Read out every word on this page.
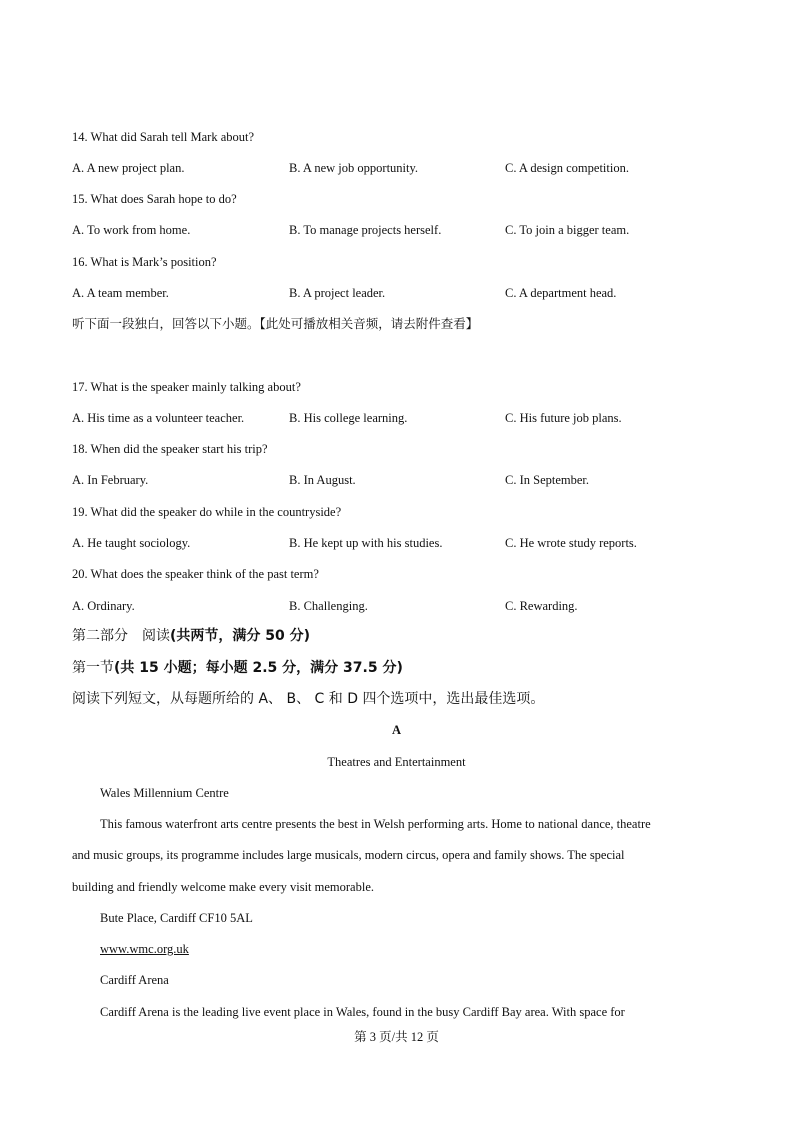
14. What did Sarah tell Mark about?
A. A new project plan.	B. A new job opportunity.	C. A design competition.
15. What does Sarah hope to do?
A. To work from home.	B. To manage projects herself.	C. To join a bigger team.
16. What is Mark’s position?
A. A team member.	B. A project leader.	C. A department head.
听下面一段独白，回答以下小题。【此处可播放相关音频，请去附件查看】
17. What is the speaker mainly talking about?
A. His time as a volunteer teacher.	B. His college learning.	C. His future job plans.
18. When did the speaker start his trip?
A. In February.	B. In August.	C. In September.
19. What did the speaker do while in the countryside?
A. He taught sociology.	B. He kept up with his studies.	C. He wrote study reports.
20. What does the speaker think of the past term?
A. Ordinary.	B. Challenging.	C. Rewarding.
第二部分　阅读(共两节，满分 50 分)
第一节(共 15 小题；每小题 2.5 分，满分 37.5 分)
阅读下列短文，从每题所给的 A、 B、 C 和 D 四个选项中，选出最佳选项。
A
Theatres and Entertainment
Wales Millennium Centre
This famous waterfront arts centre presents the best in Welsh performing arts. Home to national dance, theatre
and music groups, its programme includes large musicals, modern circus, opera and family shows. The special
building and friendly welcome make every visit memorable.
Bute Place, Cardiff CF10 5AL
www.wmc.org.uk
Cardiff Arena
Cardiff Arena is the leading live event place in Wales, found in the busy Cardiff Bay area. With space for
第 3 页/共 12 页
